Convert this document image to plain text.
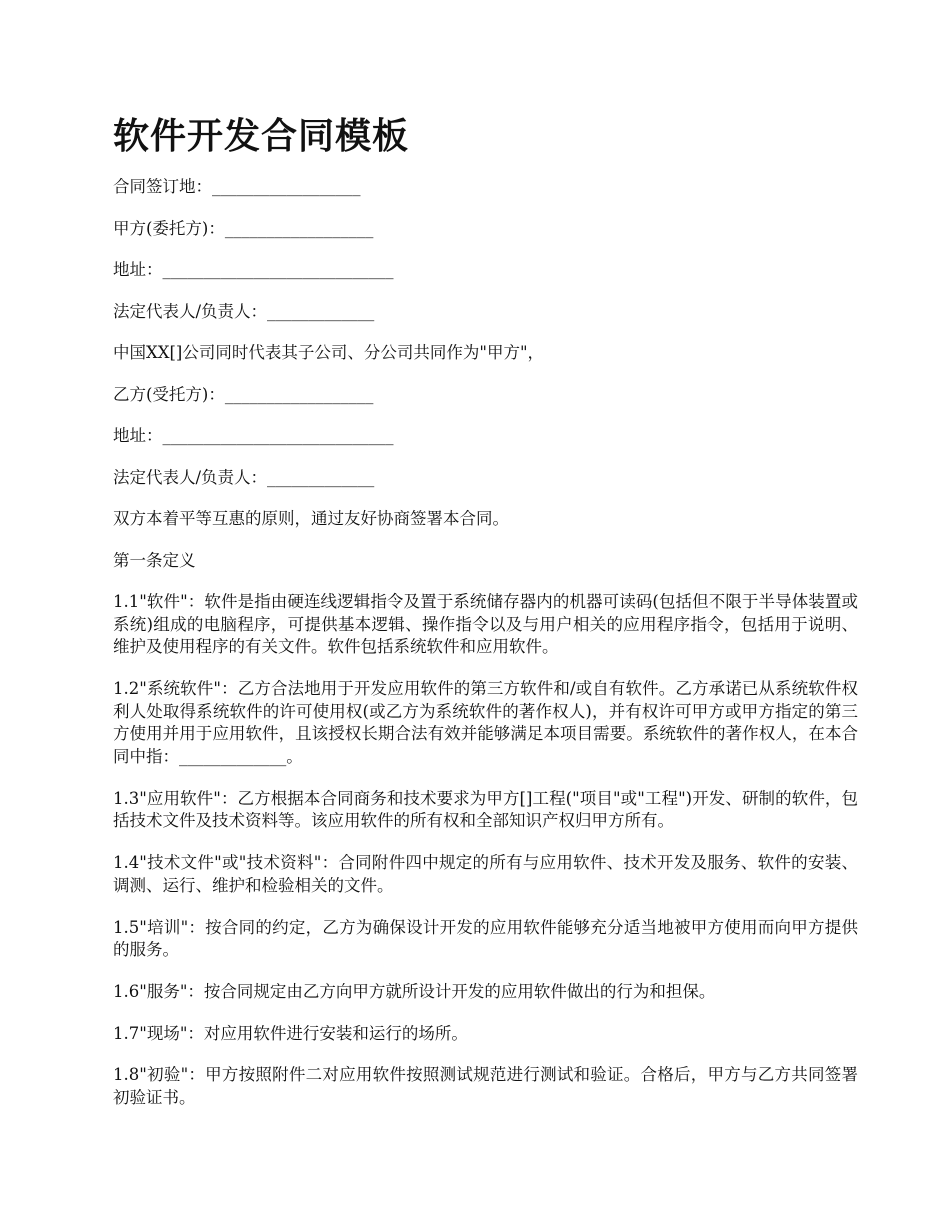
软件开发合同模板

合同签订地：__________________

甲方(委托方)：__________________

地址：____________________________

法定代表人/负责人：_____________

中国XX[]公司同时代表其子公司、分公司共同作为"甲方"，

乙方(受托方)：__________________

地址：____________________________

法定代表人/负责人：_____________

双方本着平等互惠的原则，通过友好协商签署本合同。

第一条定义

1.1"软件"：软件是指由硬连线逻辑指令及置于系统储存器内的机器可读码(包括但不限于半导体装置或系统)组成的电脑程序，可提供基本逻辑、操作指令以及与用户相关的应用程序指令，包括用于说明、维护及使用程序的有关文件。软件包括系统软件和应用软件。

1.2"系统软件"：乙方合法地用于开发应用软件的第三方软件和/或自有软件。乙方承诺已从系统软件权利人处取得系统软件的许可使用权(或乙方为系统软件的著作权人)，并有权许可甲方或甲方指定的第三方使用并用于应用软件，且该授权长期合法有效并能够满足本项目需要。系统软件的著作权人，在本合同中指：_____________。

1.3"应用软件"：乙方根据本合同商务和技术要求为甲方[]工程("项目"或"工程")开发、研制的软件，包括技术文件及技术资料等。该应用软件的所有权和全部知识产权归甲方所有。

1.4"技术文件"或"技术资料"：合同附件四中规定的所有与应用软件、技术开发及服务、软件的安装、调测、运行、维护和检验相关的文件。

1.5"培训"：按合同的约定，乙方为确保设计开发的应用软件能够充分适当地被甲方使用而向甲方提供的服务。

1.6"服务"：按合同规定由乙方向甲方就所设计开发的应用软件做出的行为和担保。

1.7"现场"：对应用软件进行安装和运行的场所。

1.8"初验"：甲方按照附件二对应用软件按照测试规范进行测试和验证。合格后，甲方与乙方共同签署初验证书。
